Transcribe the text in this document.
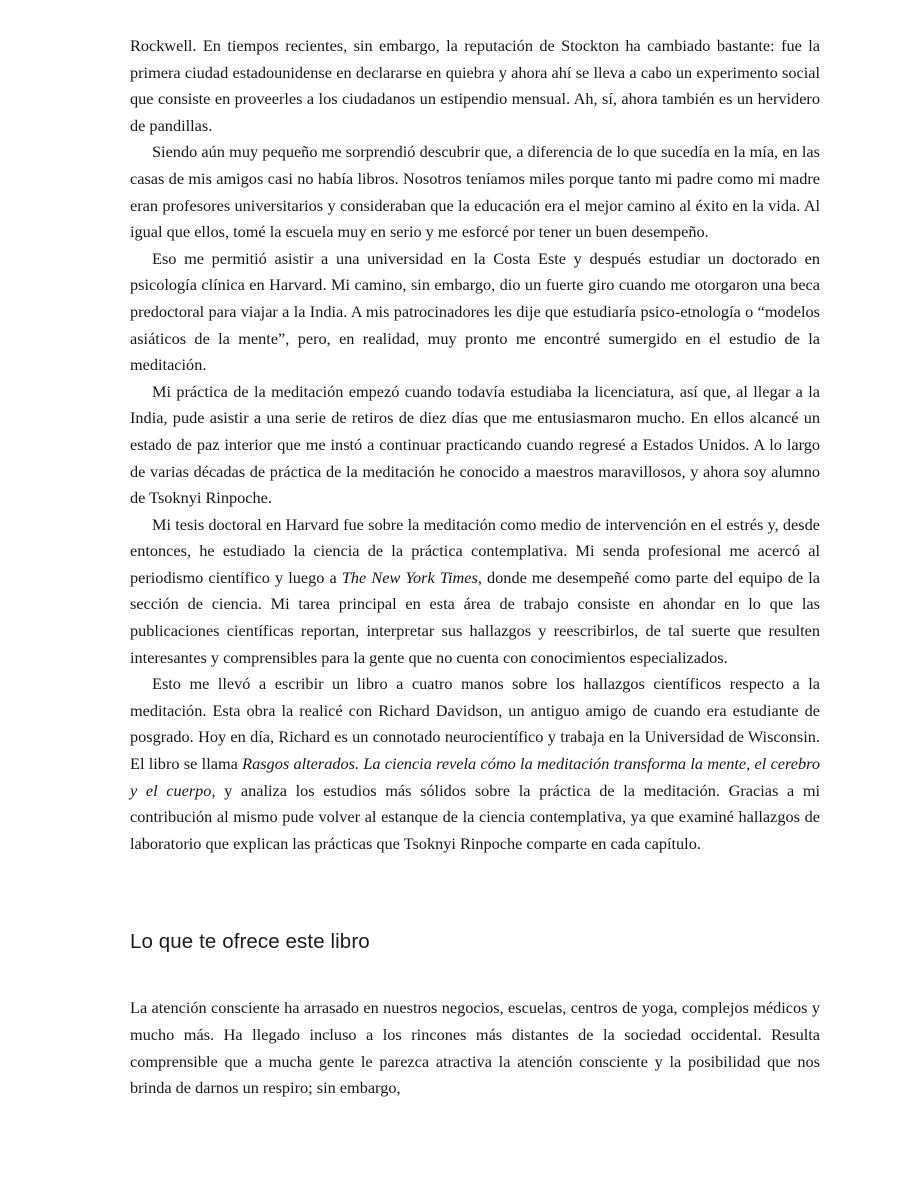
Rockwell. En tiempos recientes, sin embargo, la reputación de Stockton ha cambiado bastante: fue la primera ciudad estadounidense en declararse en quiebra y ahora ahí se lleva a cabo un experimento social que consiste en proveerles a los ciudadanos un estipendio mensual. Ah, sí, ahora también es un hervidero de pandillas.

Siendo aún muy pequeño me sorprendió descubrir que, a diferencia de lo que sucedía en la mía, en las casas de mis amigos casi no había libros. Nosotros teníamos miles porque tanto mi padre como mi madre eran profesores universitarios y consideraban que la educación era el mejor camino al éxito en la vida. Al igual que ellos, tomé la escuela muy en serio y me esforcé por tener un buen desempeño.

Eso me permitió asistir a una universidad en la Costa Este y después estudiar un doctorado en psicología clínica en Harvard. Mi camino, sin embargo, dio un fuerte giro cuando me otorgaron una beca predoctoral para viajar a la India. A mis patrocinadores les dije que estudiaría psico-etnología o “modelos asiáticos de la mente”, pero, en realidad, muy pronto me encontré sumergido en el estudio de la meditación.

Mi práctica de la meditación empezó cuando todavía estudiaba la licenciatura, así que, al llegar a la India, pude asistir a una serie de retiros de diez días que me entusiasmaron mucho. En ellos alcancé un estado de paz interior que me instó a continuar practicando cuando regresé a Estados Unidos. A lo largo de varias décadas de práctica de la meditación he conocido a maestros maravillosos, y ahora soy alumno de Tsoknyi Rinpoche.

Mi tesis doctoral en Harvard fue sobre la meditación como medio de intervención en el estrés y, desde entonces, he estudiado la ciencia de la práctica contemplativa. Mi senda profesional me acercó al periodismo científico y luego a The New York Times, donde me desempeñé como parte del equipo de la sección de ciencia. Mi tarea principal en esta área de trabajo consiste en ahondar en lo que las publicaciones científicas reportan, interpretar sus hallazgos y reescribirlos, de tal suerte que resulten interesantes y comprensibles para la gente que no cuenta con conocimientos especializados.

Esto me llevó a escribir un libro a cuatro manos sobre los hallazgos científicos respecto a la meditación. Esta obra la realicé con Richard Davidson, un antiguo amigo de cuando era estudiante de posgrado. Hoy en día, Richard es un connotado neurocientífico y trabaja en la Universidad de Wisconsin. El libro se llama Rasgos alterados. La ciencia revela cómo la meditación transforma la mente, el cerebro y el cuerpo, y analiza los estudios más sólidos sobre la práctica de la meditación. Gracias a mi contribución al mismo pude volver al estanque de la ciencia contemplativa, ya que examiné hallazgos de laboratorio que explican las prácticas que Tsoknyi Rinpoche comparte en cada capítulo.

Lo que te ofrece este libro

La atención consciente ha arrasado en nuestros negocios, escuelas, centros de yoga, complejos médicos y mucho más. Ha llegado incluso a los rincones más distantes de la sociedad occidental. Resulta comprensible que a mucha gente le parezca atractiva la atención consciente y la posibilidad que nos brinda de darnos un respiro; sin embargo,
